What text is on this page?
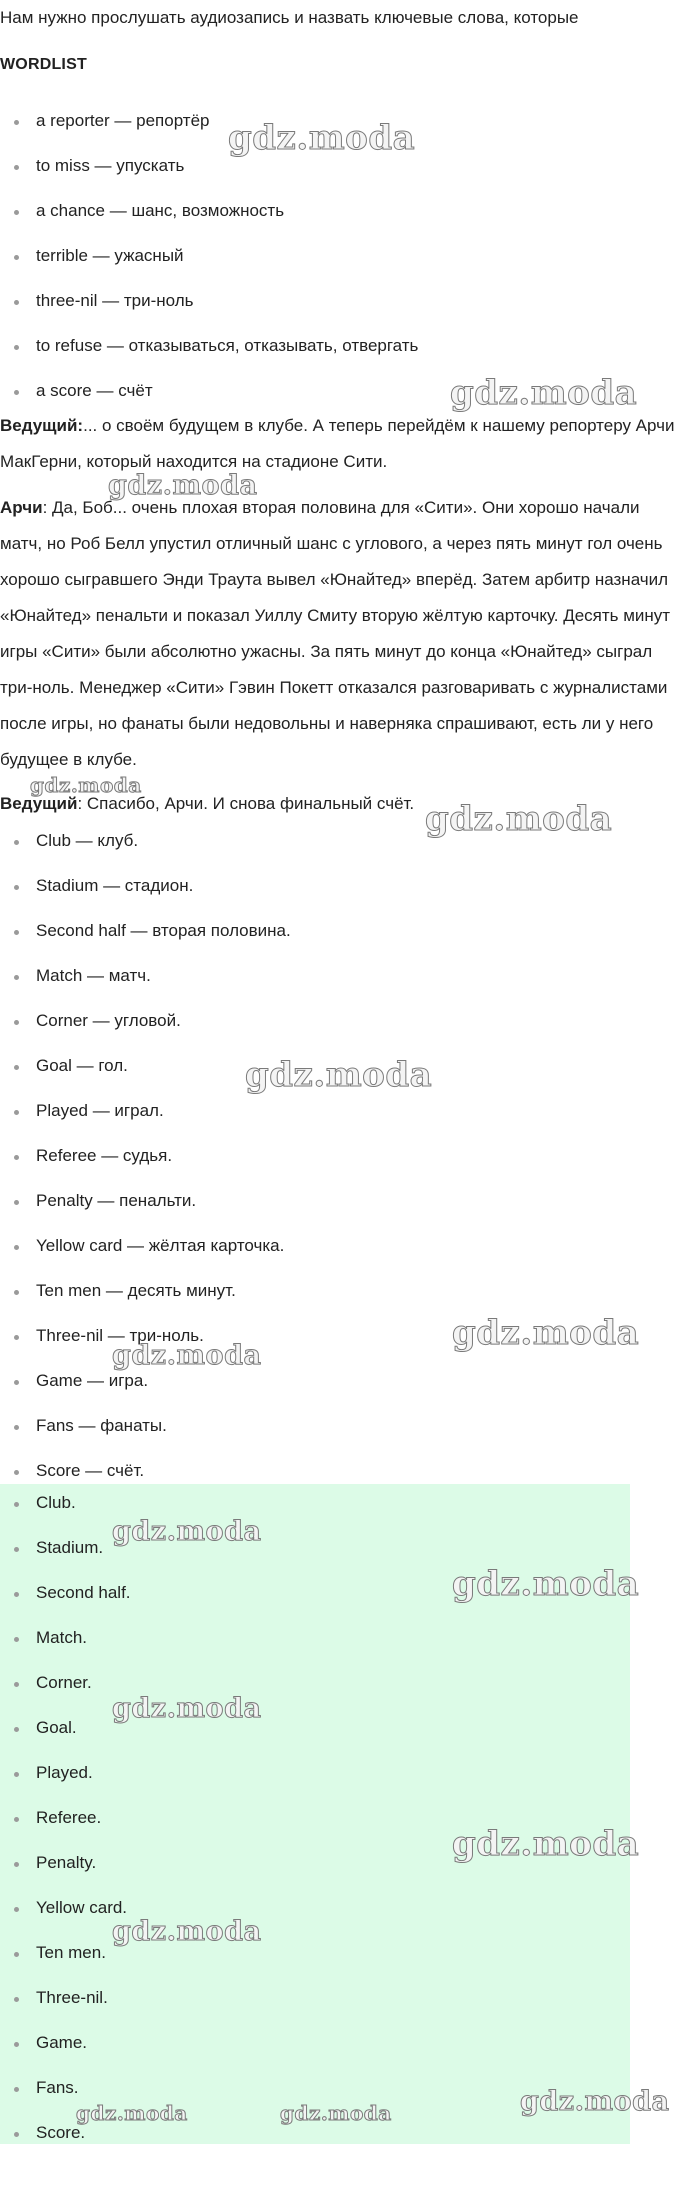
Нам нужно прослушать аудиозапись и назвать ключевые слова, которые
WORDLIST
a reporter — репортёр
to miss — упускать
a chance — шанс, возможность
terrible — ужасный
three-nil — три-ноль
to refuse — отказываться, отказывать, отвергать
a score — счёт
Ведущий:... о своём будущем в клубе. А теперь перейдём к нашему репортеру Арчи МакГерни, который находится на стадионе Сити.
Арчи: Да, Боб... очень плохая вторая половина для «Сити». Они хорошо начали матч, но Роб Белл упустил отличный шанс с углового, а через пять минут гол очень хорошо сыгравшего Энди Траута вывел «Юнайтед» вперёд. Затем арбитр назначил «Юнайтед» пенальти и показал Уиллу Смиту вторую жёлтую карточку. Десять минут игры «Сити» были абсолютно ужасны. За пять минут до конца «Юнайтед» сыграл три-ноль. Менеджер «Сити» Гэвин Покетт отказался разговаривать с журналистами после игры, но фанаты были недовольны и наверняка спрашивают, есть ли у него будущее в клубе.
Ведущий: Спасибо, Арчи. И снова финальный счёт.
Club — клуб.
Stadium — стадион.
Second half — вторая половина.
Match — матч.
Corner — угловой.
Goal — гол.
Played — играл.
Referee — судья.
Penalty — пенальти.
Yellow card — жёлтая карточка.
Ten men — десять минут.
Three-nil — три-ноль.
Game — игра.
Fans — фанаты.
Score — счёт.
Club.
Stadium.
Second half.
Match.
Corner.
Goal.
Played.
Referee.
Penalty.
Yellow card.
Ten men.
Three-nil.
Game.
Fans.
Score.
gdz.moda
gdz.moda
gdz.moda
gdz.moda
gdz.moda
gdz.moda
gdz.moda
gdz.moda
gdz.moda
gdz.moda
gdz.moda
gdz.moda
gdz.moda
gdz.moda
gdz.moda	gdz.moda
